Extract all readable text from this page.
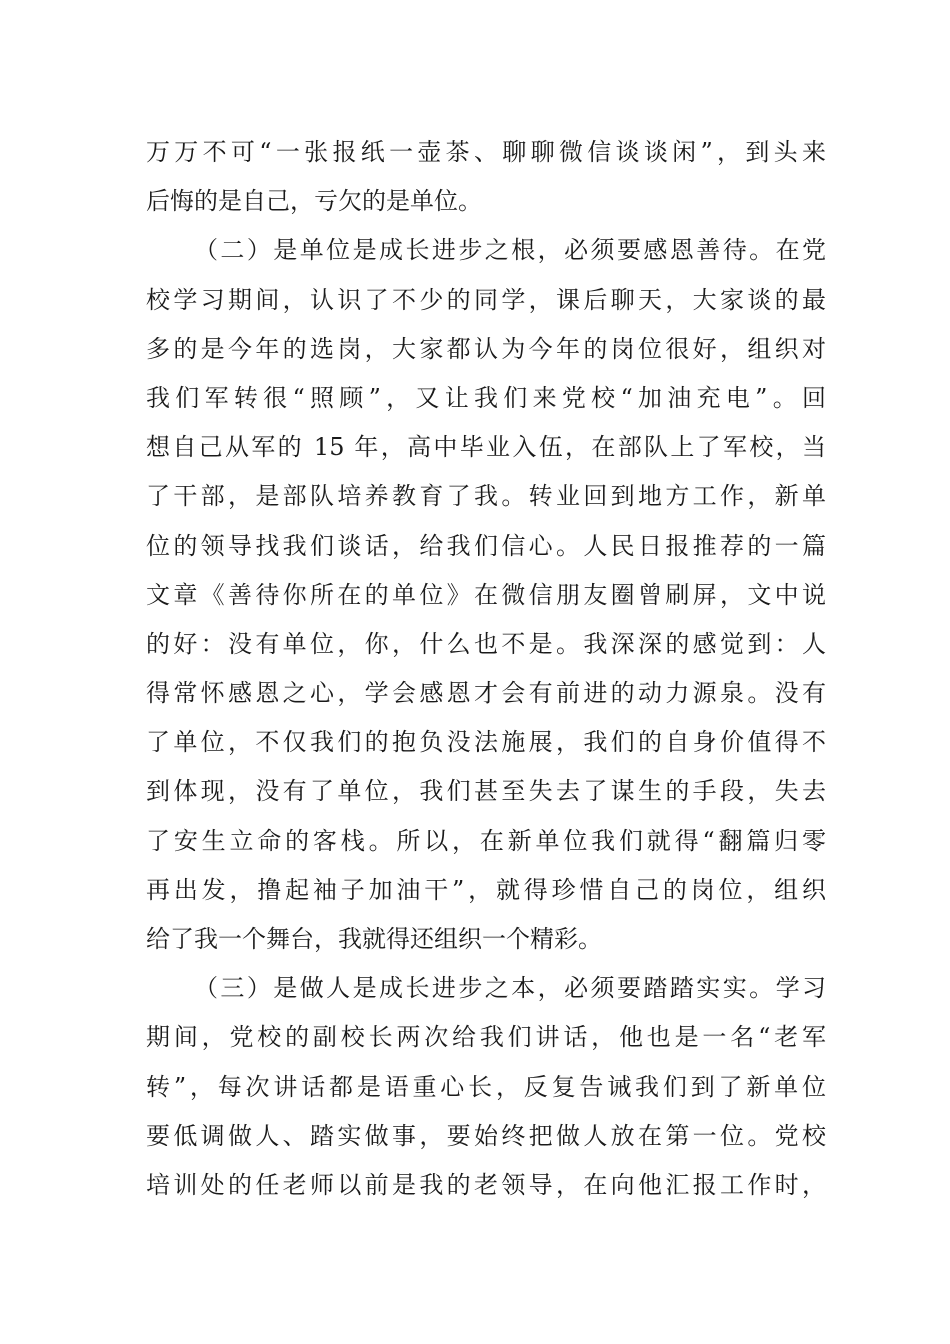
万万不可“一张报纸一壶茶、聊聊微信谈谈闲”，到头来
后悔的是自己，亏欠的是单位。
（二）是单位是成长进步之根，必须要感恩善待。在党
校学习期间，认识了不少的同学，课后聊天，大家谈的最
多的是今年的选岗，大家都认为今年的岗位很好，组织对
我们军转很“照顾”，又让我们来党校“加油充电”。回
想自己从军的 15 年，高中毕业入伍，在部队上了军校，当
了干部，是部队培养教育了我。转业回到地方工作，新单
位的领导找我们谈话，给我们信心。人民日报推荐的一篇
文章《善待你所在的单位》在微信朋友圈曾刷屏，文中说
的好：没有单位，你，什么也不是。我深深的感觉到：人
得常怀感恩之心，学会感恩才会有前进的动力源泉。没有
了单位，不仅我们的抱负没法施展，我们的自身价值得不
到体现，没有了单位，我们甚至失去了谋生的手段，失去
了安生立命的客栈。所以，在新单位我们就得“翻篇归零
再出发，撸起袖子加油干”，就得珍惜自己的岗位，组织
给了我一个舞台，我就得还组织一个精彩。
（三）是做人是成长进步之本，必须要踏踏实实。学习
期间，党校的副校长两次给我们讲话，他也是一名“老军
转”，每次讲话都是语重心长，反复告诫我们到了新单位
要低调做人、踏实做事，要始终把做人放在第一位。党校
培训处的任老师以前是我的老领导，在向他汇报工作时，
